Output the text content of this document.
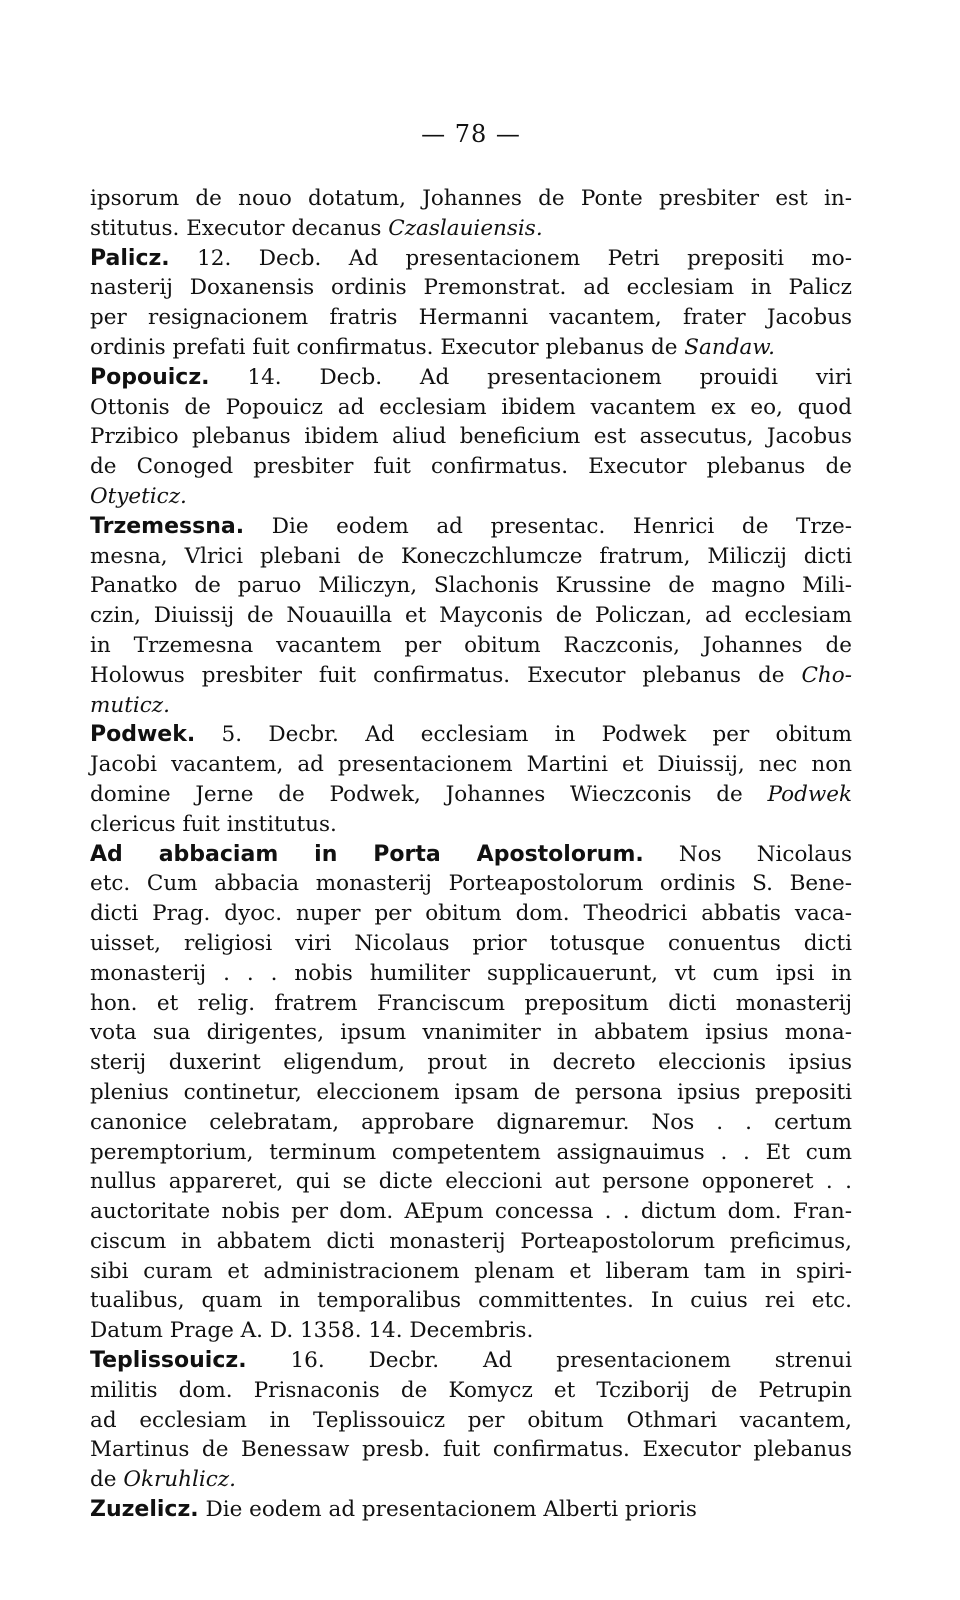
— 78 —
ipsorum de nouo dotatum, Johannes de Ponte presbiter est in-
stitutus. Executor decanus Czaslauiensis.
Palicz. 12. Decb. Ad presentacionem Petri prepositi mo-
nasterij Doxanensis ordinis Premonstrat. ad ecclesiam in Palicz
per resignacionem fratris Hermanni vacantem, frater Jacobus
ordinis prefati fuit confirmatus. Executor plebanus de Sandaw.
Popouicz. 14. Decb. Ad presentacionem prouidi viri
Ottonis de Popouicz ad ecclesiam ibidem vacantem ex eo, quod
Przibico plebanus ibidem aliud beneficium est assecutus, Jacobus
de Conoged presbiter fuit confirmatus. Executor plebanus de
Otyeticz.
Trzemessna. Die eodem ad presentac. Henrici de Trze-
mesna, Vlrici plebani de Koneczchlumcze fratrum, Miliczij dicti
Panatko de paruo Miliczyn, Slachonis Krussine de magno Mili-
czin, Diuissij de Nouauilla et Mayconis de Policzan, ad ecclesiam
in Trzemesna vacantem per obitum Raczconis, Johannes de
Holowus presbiter fuit confirmatus. Executor plebanus de Cho-
muticz.
Podwek. 5. Decbr. Ad ecclesiam in Podwek per obitum
Jacobi vacantem, ad presentacionem Martini et Diuissij, nec non
domine Jerne de Podwek, Johannes Wieczconis de Podwek
clericus fuit institutus.
Ad abbaciam in Porta Apostolorum. Nos Nicolaus
etc. Cum abbacia monasterij Porteapostolorum ordinis S. Bene-
dicti Prag. dyoc. nuper per obitum dom. Theodrici abbatis vaca-
uisset, religiosi viri Nicolaus prior totusque conuentus dicti
monasterij . . . nobis humiliter supplicauerunt, vt cum ipsi in
hon. et relig. fratrem Franciscum prepositum dicti monasterij
vota sua dirigentes, ipsum vnanimiter in abbatem ipsius mona-
sterij duxerint eligendum, prout in decreto eleccionis ipsius
plenius continetur, eleccionem ipsam de persona ipsius prepositi
canonice celebratam, approbare dignaremur. Nos . . certum
peremptorium, terminum competentem assignauimus . . Et cum
nullus appareret, qui se dicte eleccioni aut persone opponeret . .
auctoritate nobis per dom. AEpum concessa . . dictum dom. Fran-
ciscum in abbatem dicti monasterij Porteapostolorum preficimus,
sibi curam et administracionem plenam et liberam tam in spiri-
tualibus, quam in temporalibus committentes. In cuius rei etc.
Datum Prage A. D. 1358. 14. Decembris.
Teplissouicz. 16. Decbr. Ad presentacionem strenui
militis dom. Prisnaconis de Komycz et Tcziborij de Petrupin
ad ecclesiam in Teplissouicz per obitum Othmari vacantem,
Martinus de Benessaw presb. fuit confirmatus. Executor plebanus
de Okruhlicz.
Zuzelicz. Die eodem ad presentacionem Alberti prioris
